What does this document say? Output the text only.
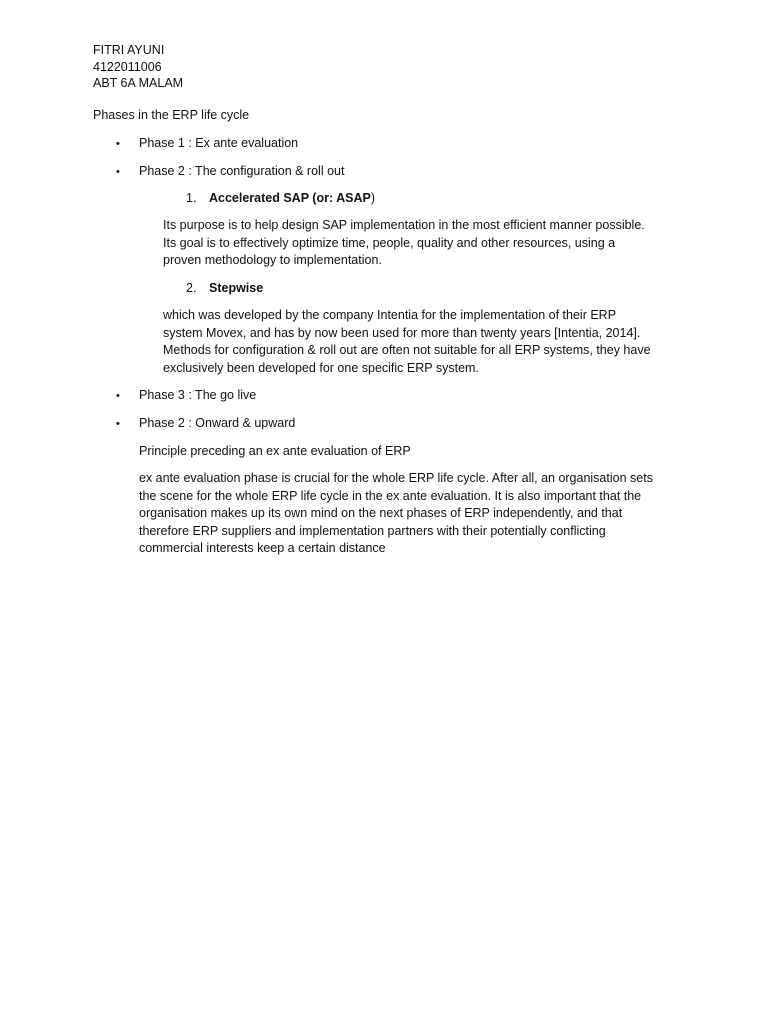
FITRI AYUNI
4122011006
ABT 6A MALAM
Phases in the ERP life cycle
• Phase 1 : Ex ante evaluation
• Phase 2 : The configuration & roll out
1. Accelerated SAP (or: ASAP)
Its purpose is to help design SAP implementation in the most efficient manner possible.
Its goal is to effectively optimize time, people, quality and other resources, using a
proven methodology to implementation.
2. Stepwise
which was developed by the company Intentia for the implementation of their ERP
system Movex, and has by now been used for more than twenty years [Intentia, 2014].
Methods for configuration & roll out are often not suitable for all ERP systems, they have
exclusively been developed for one specific ERP system.
• Phase 3 : The go live
• Phase 2 : Onward & upward
Principle preceding an ex ante evaluation of ERP
ex ante evaluation phase is crucial for the whole ERP life cycle. After all, an organisation sets
the scene for the whole ERP life cycle in the ex ante evaluation. It is also important that the
organisation makes up its own mind on the next phases of ERP independently, and that
therefore ERP suppliers and implementation partners with their potentially conflicting
commercial interests keep a certain distance
